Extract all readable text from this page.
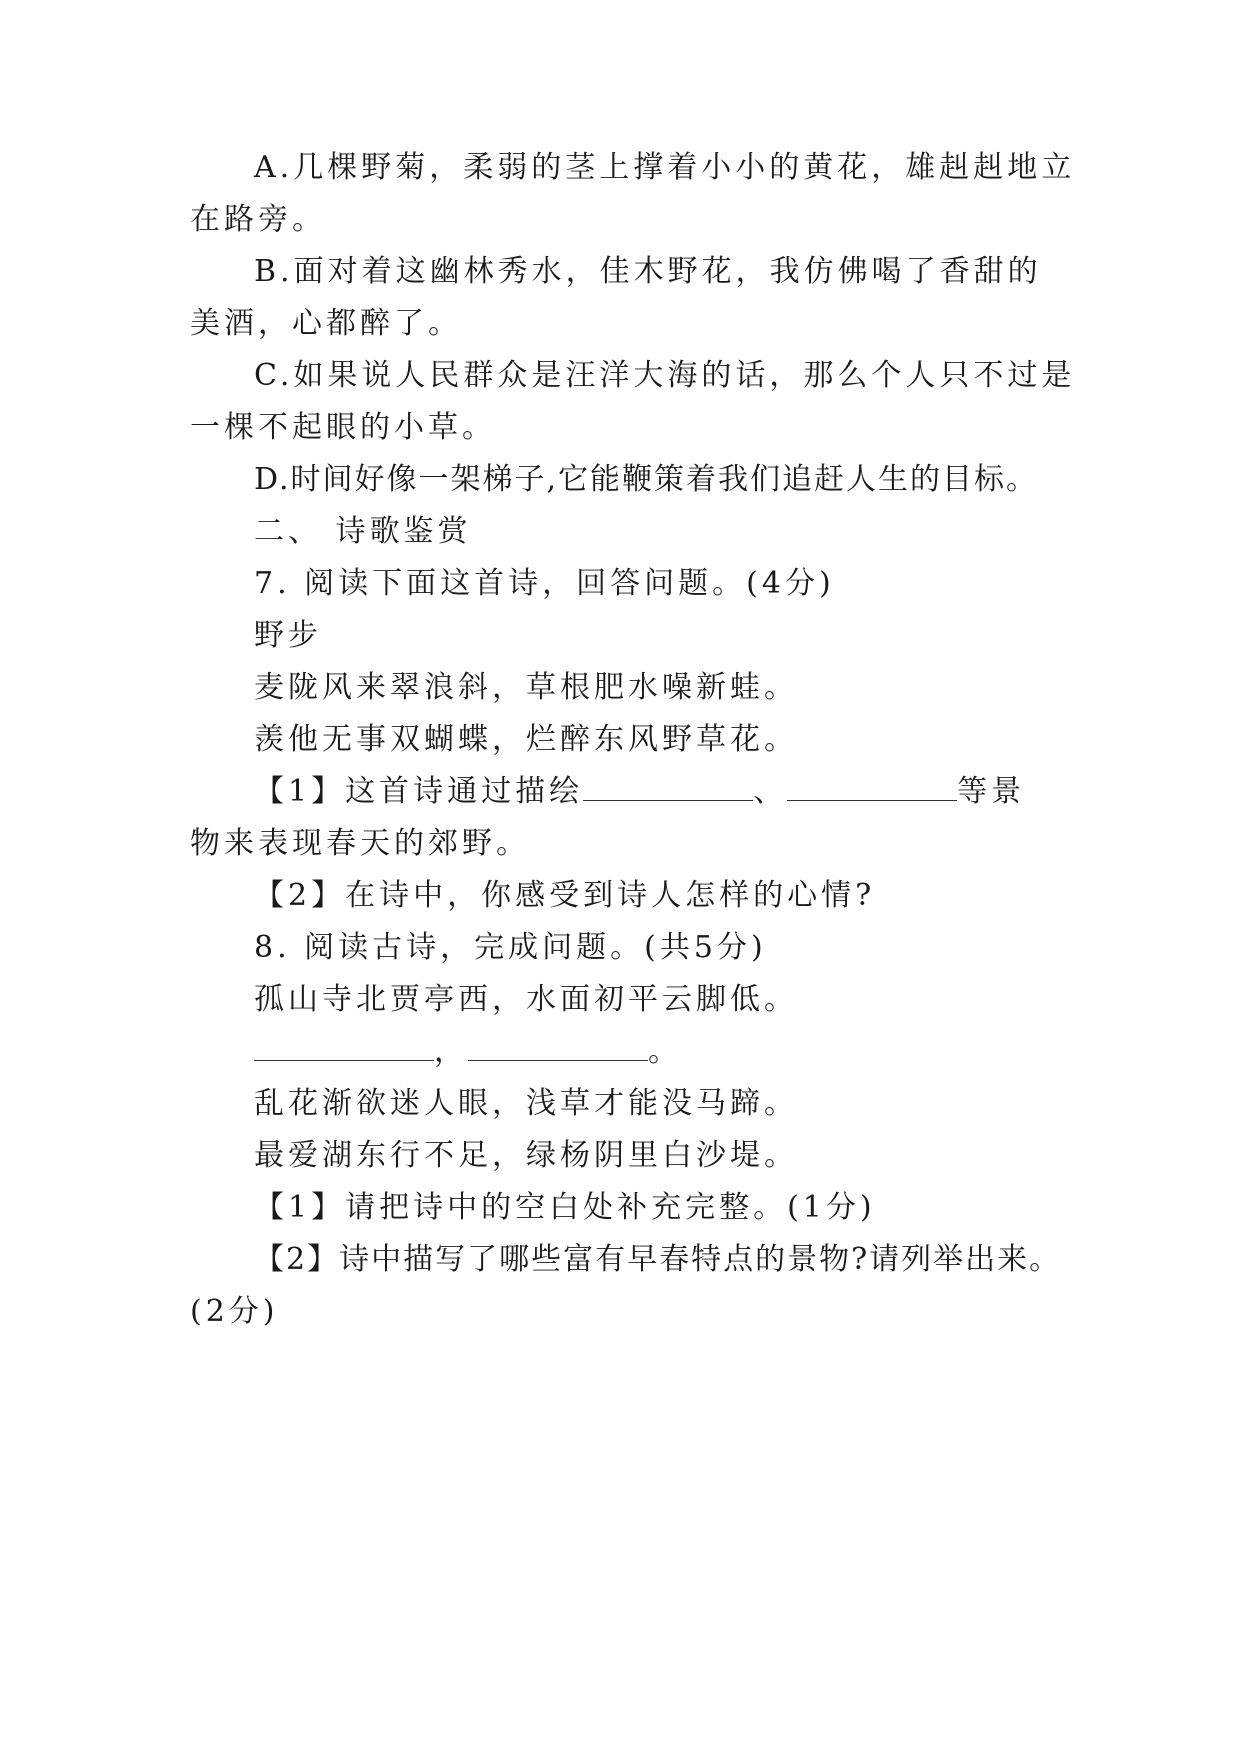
A.几棵野菊，柔弱的茎上撑着小小的黄花，雄赳赳地立
在路旁。
B.面对着这幽林秀水，佳木野花，我仿佛喝了香甜的
美酒，心都醉了。
C.如果说人民群众是汪洋大海的话，那么个人只不过是
一棵不起眼的小草。
D.时间好像一架梯子,它能鞭策着我们追赶人生的目标。
二、 诗歌鉴赏
7. 阅读下面这首诗，回答问题。(4分)
野步
麦陇风来翠浪斜，草根肥水噪新蛙。
羡他无事双蝴蝶，烂醉东风野草花。
【1】这首诗通过描绘	、	等景
物来表现春天的郊野。
【2】在诗中，你感受到诗人怎样的心情?
8. 阅读古诗，完成问题。(共5分)
孤山寺北贾亭西，水面初平云脚低。
，	。
乱花渐欲迷人眼，浅草才能没马蹄。
最爱湖东行不足，绿杨阴里白沙堤。
【1】请把诗中的空白处补充完整。(1分)
【2】诗中描写了哪些富有早春特点的景物?请列举出来。
(2分)
